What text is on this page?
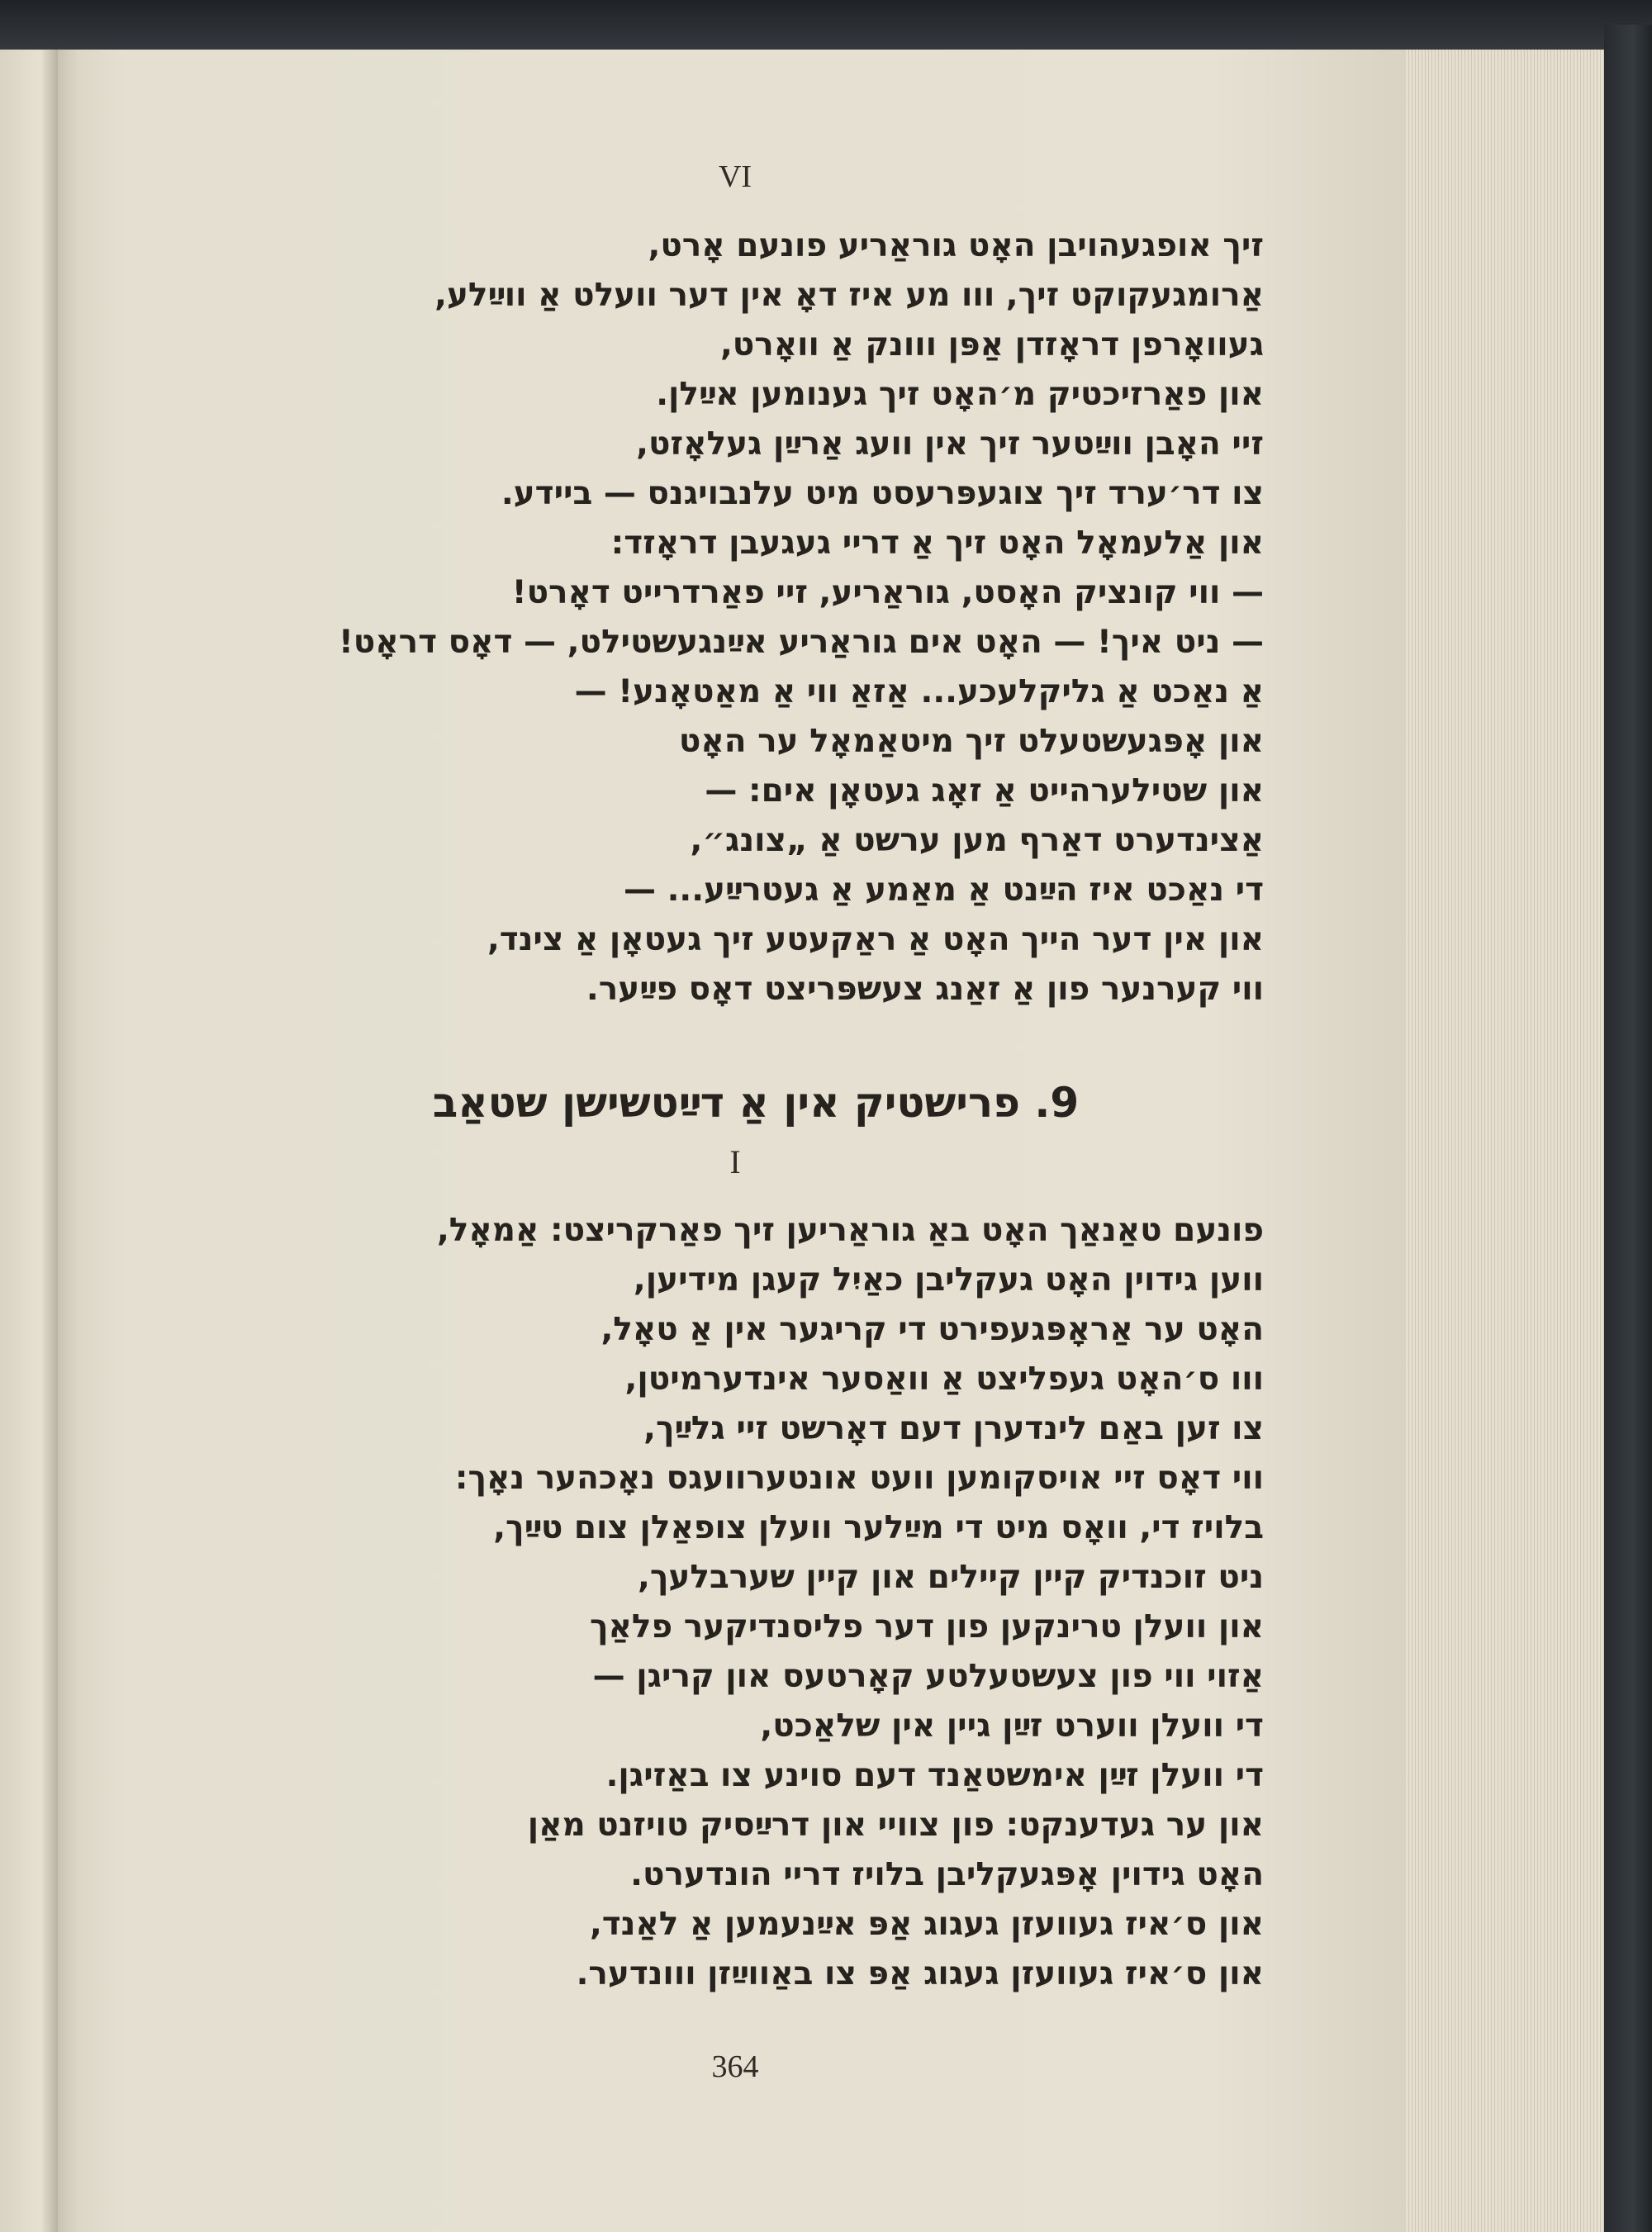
VI
זיך אופגעהויבן האָט גוראַריע פונעם אָרט,
אַרומגעקוקט זיך, ווו מע איז דאָ אין דער וועלט אַ ווײַלע,
געוואָרפן דראָזדן אַפּן ווונק אַ וואָרט,
און פאַרזיכטיק מ׳האָט זיך גענומען אײַלן.
זיי האָבן ווײַטער זיך אין וועג אַרײַן געלאָזט,
צו דר׳ערד זיך צוגעפּרעסט מיט עלנבויגנס — ביידע.
און אַלעמאָל האָט זיך אַ דריי געגעבן דראָזד:
— ווי קונציק האָסט, גוראַריע, זיי פאַרדרייט דאָרט!
— ניט איך! — האָט אים גוראַריע אײַנגעשטילט, — דאָס דראָט!
אַ נאַכט אַ גליקלעכע... אַזאַ ווי אַ מאַטאָנע! —
און אָפּגעשטעלט זיך מיטאַמאָל ער האָט
און שטילערהייט אַ זאָג געטאָן אים: —
אַצינדערט דאַרף מען ערשט אַ „צונג״,
די נאַכט איז הײַנט אַ מאַמע אַ געטרײַע... —
און אין דער הייך האָט אַ ראַקעטע זיך געטאָן אַ צינד,
ווי קערנער פון אַ זאַנג צעשפּריצט דאָס פײַער.
9. פרישטיק אין אַ דײַטשישן שטאַב
I
פונעם טאַנאַך האָט באַ גוראַריען זיך פאַרקריצט: אַמאָל,
ווען גידוין האָט געקליבן כאַיִל קעגן מידיען,
האָט ער אַראָפּגעפירט די קריגער אין אַ טאָל,
ווו ס׳האָט געפליצט אַ וואַסער אינדערמיטן,
צו זען באַם לינדערן דעם דאָרשט זיי גלײַך,
ווי דאָס זיי אויסקומען וועט אונטערוועגס נאָכהער נאָך:
בלויז די, וואָס מיט די מײַלער וועלן צופאַלן צום טײַך,
ניט זוכנדיק קיין קיילים און קיין שערבלעך,
און וועלן טרינקען פון דער פליסנדיקער פלאַך
אַזוי ווי פון צעשטעלטע קאָרטעס און קריגן —
די וועלן ווערט זײַן גיין אין שלאַכט,
די וועלן זײַן אימשטאַנד דעם סוינע צו באַזיגן.
און ער געדענקט: פון צוויי און דרײַסיק טויזנט מאַן
האָט גידוין אָפּגעקליבן בלויז דריי הונדערט.
און ס׳איז געוועזן געגוג אַפּ אײַנעמען אַ לאַנד,
און ס׳איז געוועזן געגוג אַפּ צו באַווײַזן ווונדער.
364
